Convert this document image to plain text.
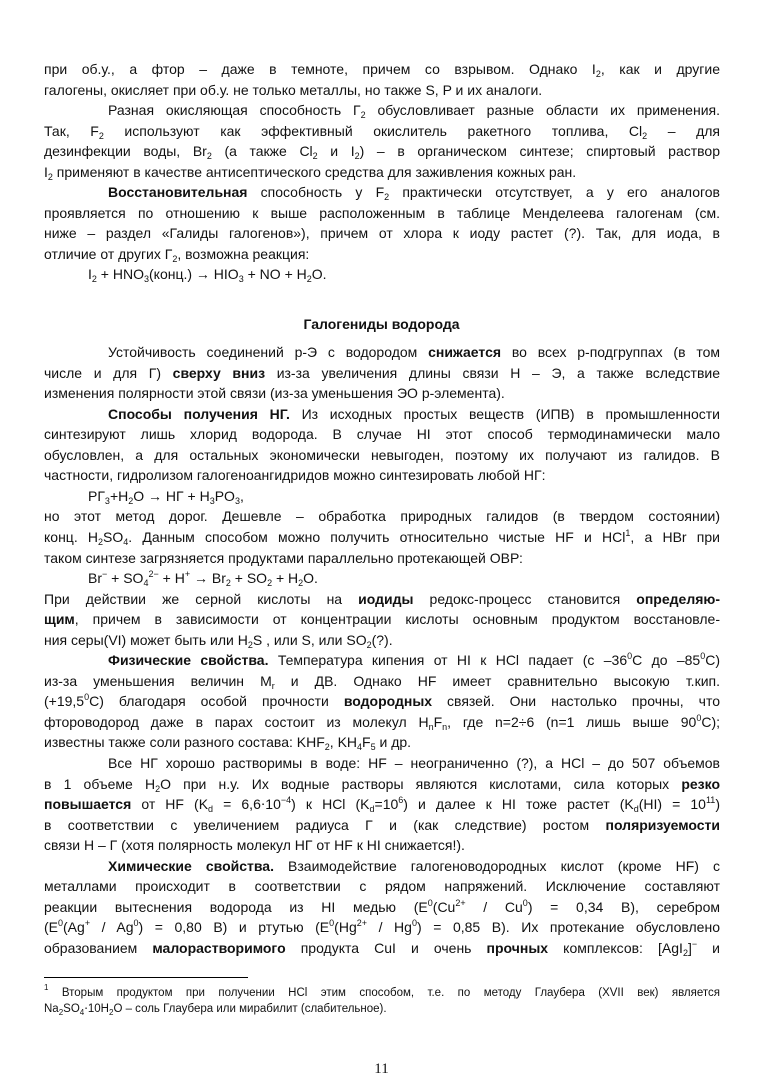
при об.у., а фтор – даже в темноте, причем со взрывом. Однако $I_2$, как и другие
галогены, окисляет при об.у. не только металлы, но также S, P и их аналоги.
Разная окисляющая способность $Г_2$ обусловливает разные области их применения.
Так, $F_2$ используют как эффективный окислитель ракетного топлива, $Cl_2$ – для
дезинфекции воды, $Br_2$ (а также $Cl_2$ и $I_2$) – в органическом синтезе; спиртовый раствор
$I_2$ применяют в качестве антисептического средства для заживления кожных ран.
Восстановительная способность у $F_2$ практически отсутствует, а у его аналогов
проявляется по отношению к выше расположенным в таблице Менделеева галогенам (см.
ниже – раздел «Галиды галогенов»), причем от хлора к иоду растет (?). Так, для иода, в
отличие от других $Г_2$, возможна реакция:
$I_2$ + $HNO_3(конц.) \to HIO_3$ + NO + $H_2O$.
Устойчивость соединений p-Э с водородом снижается во всех p-подгруппах (в том
числе и для Г) сверху вниз из-за увеличения длины связи H – Э, а также вследствие
изменения полярности этой связи (из-за уменьшения ЭО p-элемента).
Способы получения НГ. Из исходных простых веществ (ИПВ) в промышленности
синтезируют лишь хлорид водорода. В случае HI этот способ термодинамически мало
обусловлен, а для остальных экономически невыгоден, поэтому их получают из галидов. В
частности, гидролизом галогеноангидридов можно синтезировать любой НГ:
$PГ_3+H_2O$ → НГ + $H_3PO_3$,
но этот метод дорог. Дешевле – обработка природных галидов (в твердом состоянии)
конц. $H_2SO_4$. Данным способом можно получить относительно чистые HF и HCl$^1$, а HBr при
таком синтезе загрязняется продуктами параллельно протекающей ОВР:
$Br^- + SO_4^{2-} + H^+ \to Br_2 + SO_2 + H_2O$.
При действии же серной кислоты на иодиды редокс-процесс становится определяю-
щим, причем в зависимости от концентрации кислоты основным продуктом восстановле-
ния серы(VI) может быть или $H_2S$ , или S, или $SO_2(?)$.
Физические свойства. Температура кипения от HI к HCl падает (с $-36^0C$ до $-85^0C$)
из-за уменьшения величин $M_r$ и ДВ. Однако HF имеет сравнительно высокую т.кип.
$(+19,5^0C)$ благодаря особой прочности водородных связей. Они настолько прочны, что
фтороводород даже в парах состоит из молекул $H_nF_n$, где n=2÷6 (n=1 лишь выше $90^0C$);
известны также соли разного состава: $KHF_2$, $KH_4F_5$ и др.
Все НГ хорошо растворимы в воде: HF – неограниченно (?), а HCl – до 507 объемов
в 1 объеме $H_2O$ при н.у. Их водные растворы являются кислотами, сила которых резко
повышается от HF $(K_d = 6,6\cdot 10^{-4})$ к HCl $(K_d=10^6)$ и далее к HI тоже растет $(K_d(HI) = 10^{11})$
в соответствии с увеличением радиуса Г и (как следствие) ростом поляризуемости
связи H – Г (хотя полярность молекул НГ от HF к HI снижается!).
Химические свойства. Взаимодействие галогеноводородных кислот (кроме HF) с
металлами происходит в соответствии с рядом напряжений. Исключение составляют
реакции вытеснения водорода из HI медью ($E^0(Cu^{2+} / Cu^0) = 0,34$ В), серебром
($E^0(Ag^+ / Ag^0) = 0,80$ В) и ртутью ($E^0(Hg^{2+} / Hg^0) = 0,85$ В). Их протекание обусловлено
образованием малорастворимого продукта CuI и очень прочных комплексов: [AgI$_2$]− и
Галогениды водорода
$^1$ Вторым продуктом при получении HCl этим способом, т.е. по методу Глаубера (XVII век) является
$Na_2SO_4\cdot 10H_2O$ – соль Глаубера или мирабилит (слабительное).
11
